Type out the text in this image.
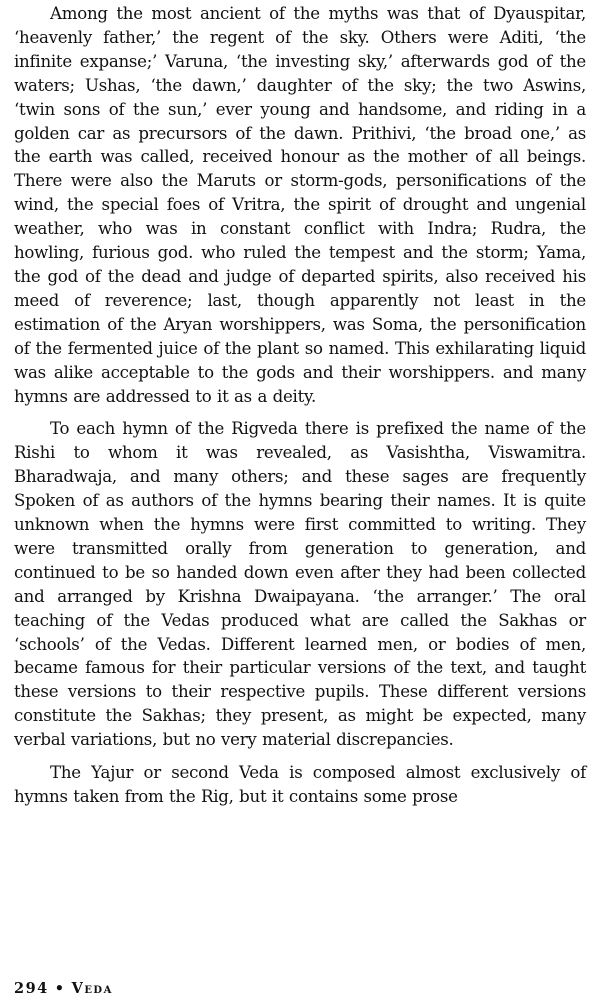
Among the most ancient of the myths was that of Dyauspitar, ‘heavenly father,’ the regent of the sky. Others were Aditi, ‘the infinite expanse;’ Varuna, ‘the investing sky,’ afterwards god of the waters; Ushas, ‘the dawn,’ daughter of the sky; the two Aswins, ‘twin sons of the sun,’ ever young and handsome, and riding in a golden car as precursors of the dawn. Prithivi, ‘the broad one,’ as the earth was called, received honour as the mother of all beings. There were also the Maruts or storm-gods, personifications of the wind, the special foes of Vritra, the spirit of drought and ungenial weather, who was in constant conflict with Indra; Rudra, the howling, furious god. who ruled the tempest and the storm; Yama, the god of the dead and judge of departed spirits, also received his meed of reverence; last, though apparently not least in the estimation of the Aryan worshippers, was Soma, the personification of the fermented juice of the plant so named. This exhilarating liquid was alike acceptable to the gods and their worshippers. and many hymns are addressed to it as a deity.

To each hymn of the Rigveda there is prefixed the name of the Rishi to whom it was revealed, as Vasishtha, Viswamitra. Bharadwaja, and many others; and these sages are frequently Spoken of as authors of the hymns bearing their names. It is quite unknown when the hymns were first committed to writing. They were transmitted orally from generation to generation, and continued to be so handed down even after they had been collected and arranged by Krishna Dwaipayana. ‘the arranger.’ The oral teaching of the Vedas produced what are called the Sakhas or ‘schools’ of the Vedas. Different learned men, or bodies of men, became famous for their particular versions of the text, and taught these versions to their respective pupils. These different versions constitute the Sakhas; they present, as might be expected, many verbal variations, but no very material discrepancies.

The Yajur or second Veda is composed almost exclusively of hymns taken from the Rig, but it contains some prose

294 • Veda
